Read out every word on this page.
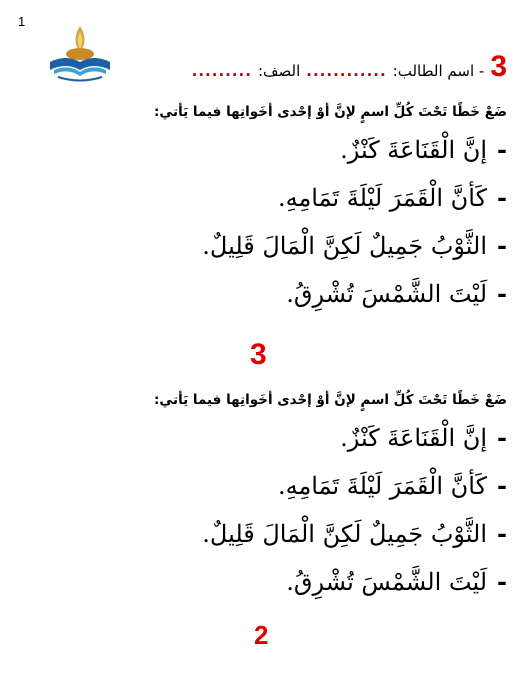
1
3
- اسم الطالب:
............
الصف:
.........

ضَعْ خَطًا تَحْتَ كُلِّ اسمٍ لإنَّ أوْ إحْدى أخَواتِها فيما يَأتي:

-إنَّ الْقَنَاعَةَ كَنْزٌ.
-كَأنَّ الْقَمَرَ لَيْلَةَ تَمَامِهِ.
-الثَّوْبُ جَمِيلٌ لَكِنَّ الْمَالَ قَلِيلٌ.
-لَيْتَ الشَّمْسَ تُشْرِقُ.
3

ضَعْ خَطًا تَحْتَ كُلِّ اسمٍ لإنَّ أوْ إحْدى أخَواتِها فيما يَأتي:

-إنَّ الْقَنَاعَةَ كَنْزٌ.
-كَأنَّ الْقَمَرَ لَيْلَةَ تَمَامِهِ.
-الثَّوْبُ جَمِيلٌ لَكِنَّ الْمَالَ قَلِيلٌ.
-لَيْتَ الشَّمْسَ تُشْرِقُ.
2
